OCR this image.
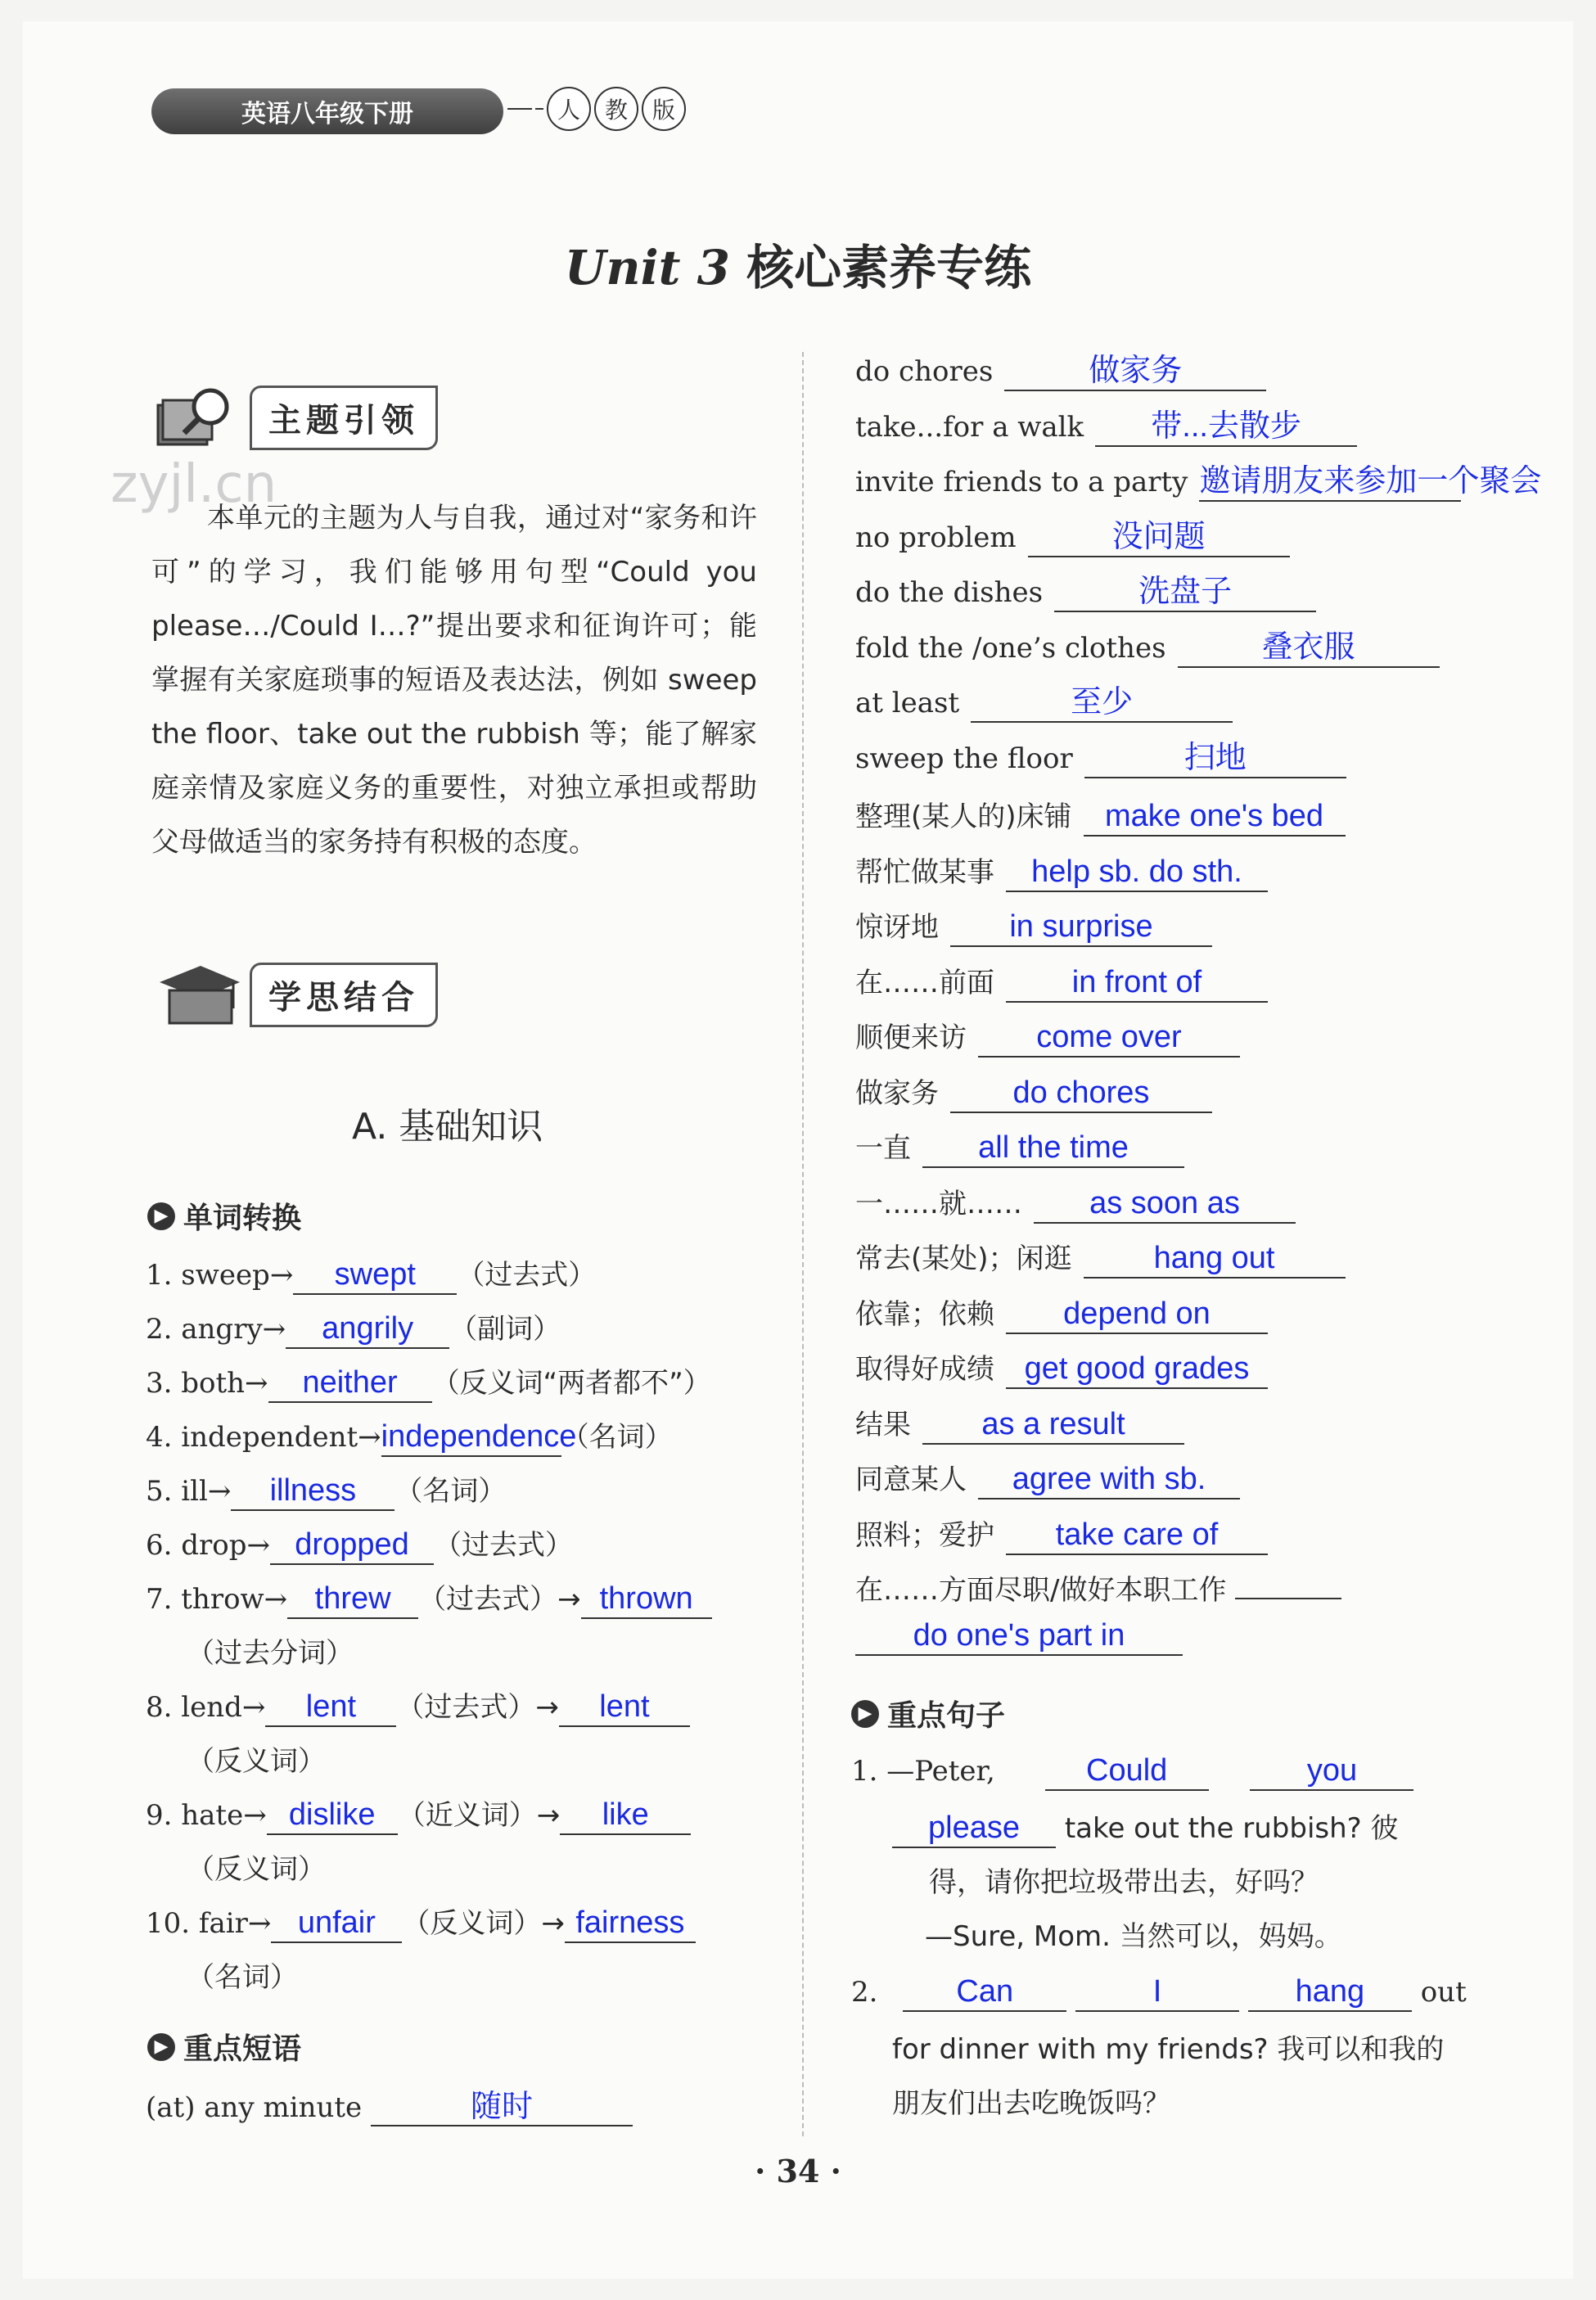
英语八年级下册	人	教	版
Unit 3 核心素养专练
zyjl.cn
主题引领
本单元的主题为人与自我，通过对“家务和许可”的学习，我们能够用句型“Could you please…/Could I…?”提出要求和征询许可；能掌握有关家庭琐事的短语及表达法，例如 sweep the floor、take out the rubbish 等；能了解家庭亲情及家庭义务的重要性，对独立承担或帮助父母做适当的家务持有积极的态度。
学思结合
A. 基础知识
▶ 单词转换
1. sweep→ swept （过去式）
2. angry→ angrily （副词）
3. both→ neither （反义词“两者都不”）
4. independent→independence（名词）
5. ill→ illness （名词）
6. drop→ dropped （过去式）
7. throw→ threw （过去式）→ thrown
（过去分词）
8. lend→ lent （过去式）→ lent
（反义词）
9. hate→ dislike （近义词）→ like
（反义词）
10. fair→ unfair （反义词）→ fairness
（名词）
▶ 重点短语
(at) any minute	随时
do chores	做家务
take...for a walk 带...去散步
invite friends to a party 邀请朋友来参加一个聚会
no problem	没问题
do the dishes	洗盘子
fold the /one’s clothes	叠衣服
at least	至少
sweep the floor	扫地
整理(某人的)床铺 make one's bed
帮忙做某事 help sb. do sth.
惊讶地 in surprise
在……前面 in front of
顺便来访 come over
做家务 do chores
一直 all the time
一……就…… as soon as
常去(某处)；闲逛	hang out
依靠；依赖 depend on
取得好成绩 get good grades
结果 as a result
同意某人 agree with sb.
照料；爱护 take care of
在……方面尽职/做好本职工作
do one's part in
▶ 重点句子
1. —Peter,	Could	you
please take out the rubbish? 彼
得，请你把垃圾带出去，好吗？
—Sure, Mom. 当然可以，妈妈。
2.	Can	I	hang out
for dinner with my friends? 我可以和我的
朋友们出去吃晚饭吗？
· 34 ·
